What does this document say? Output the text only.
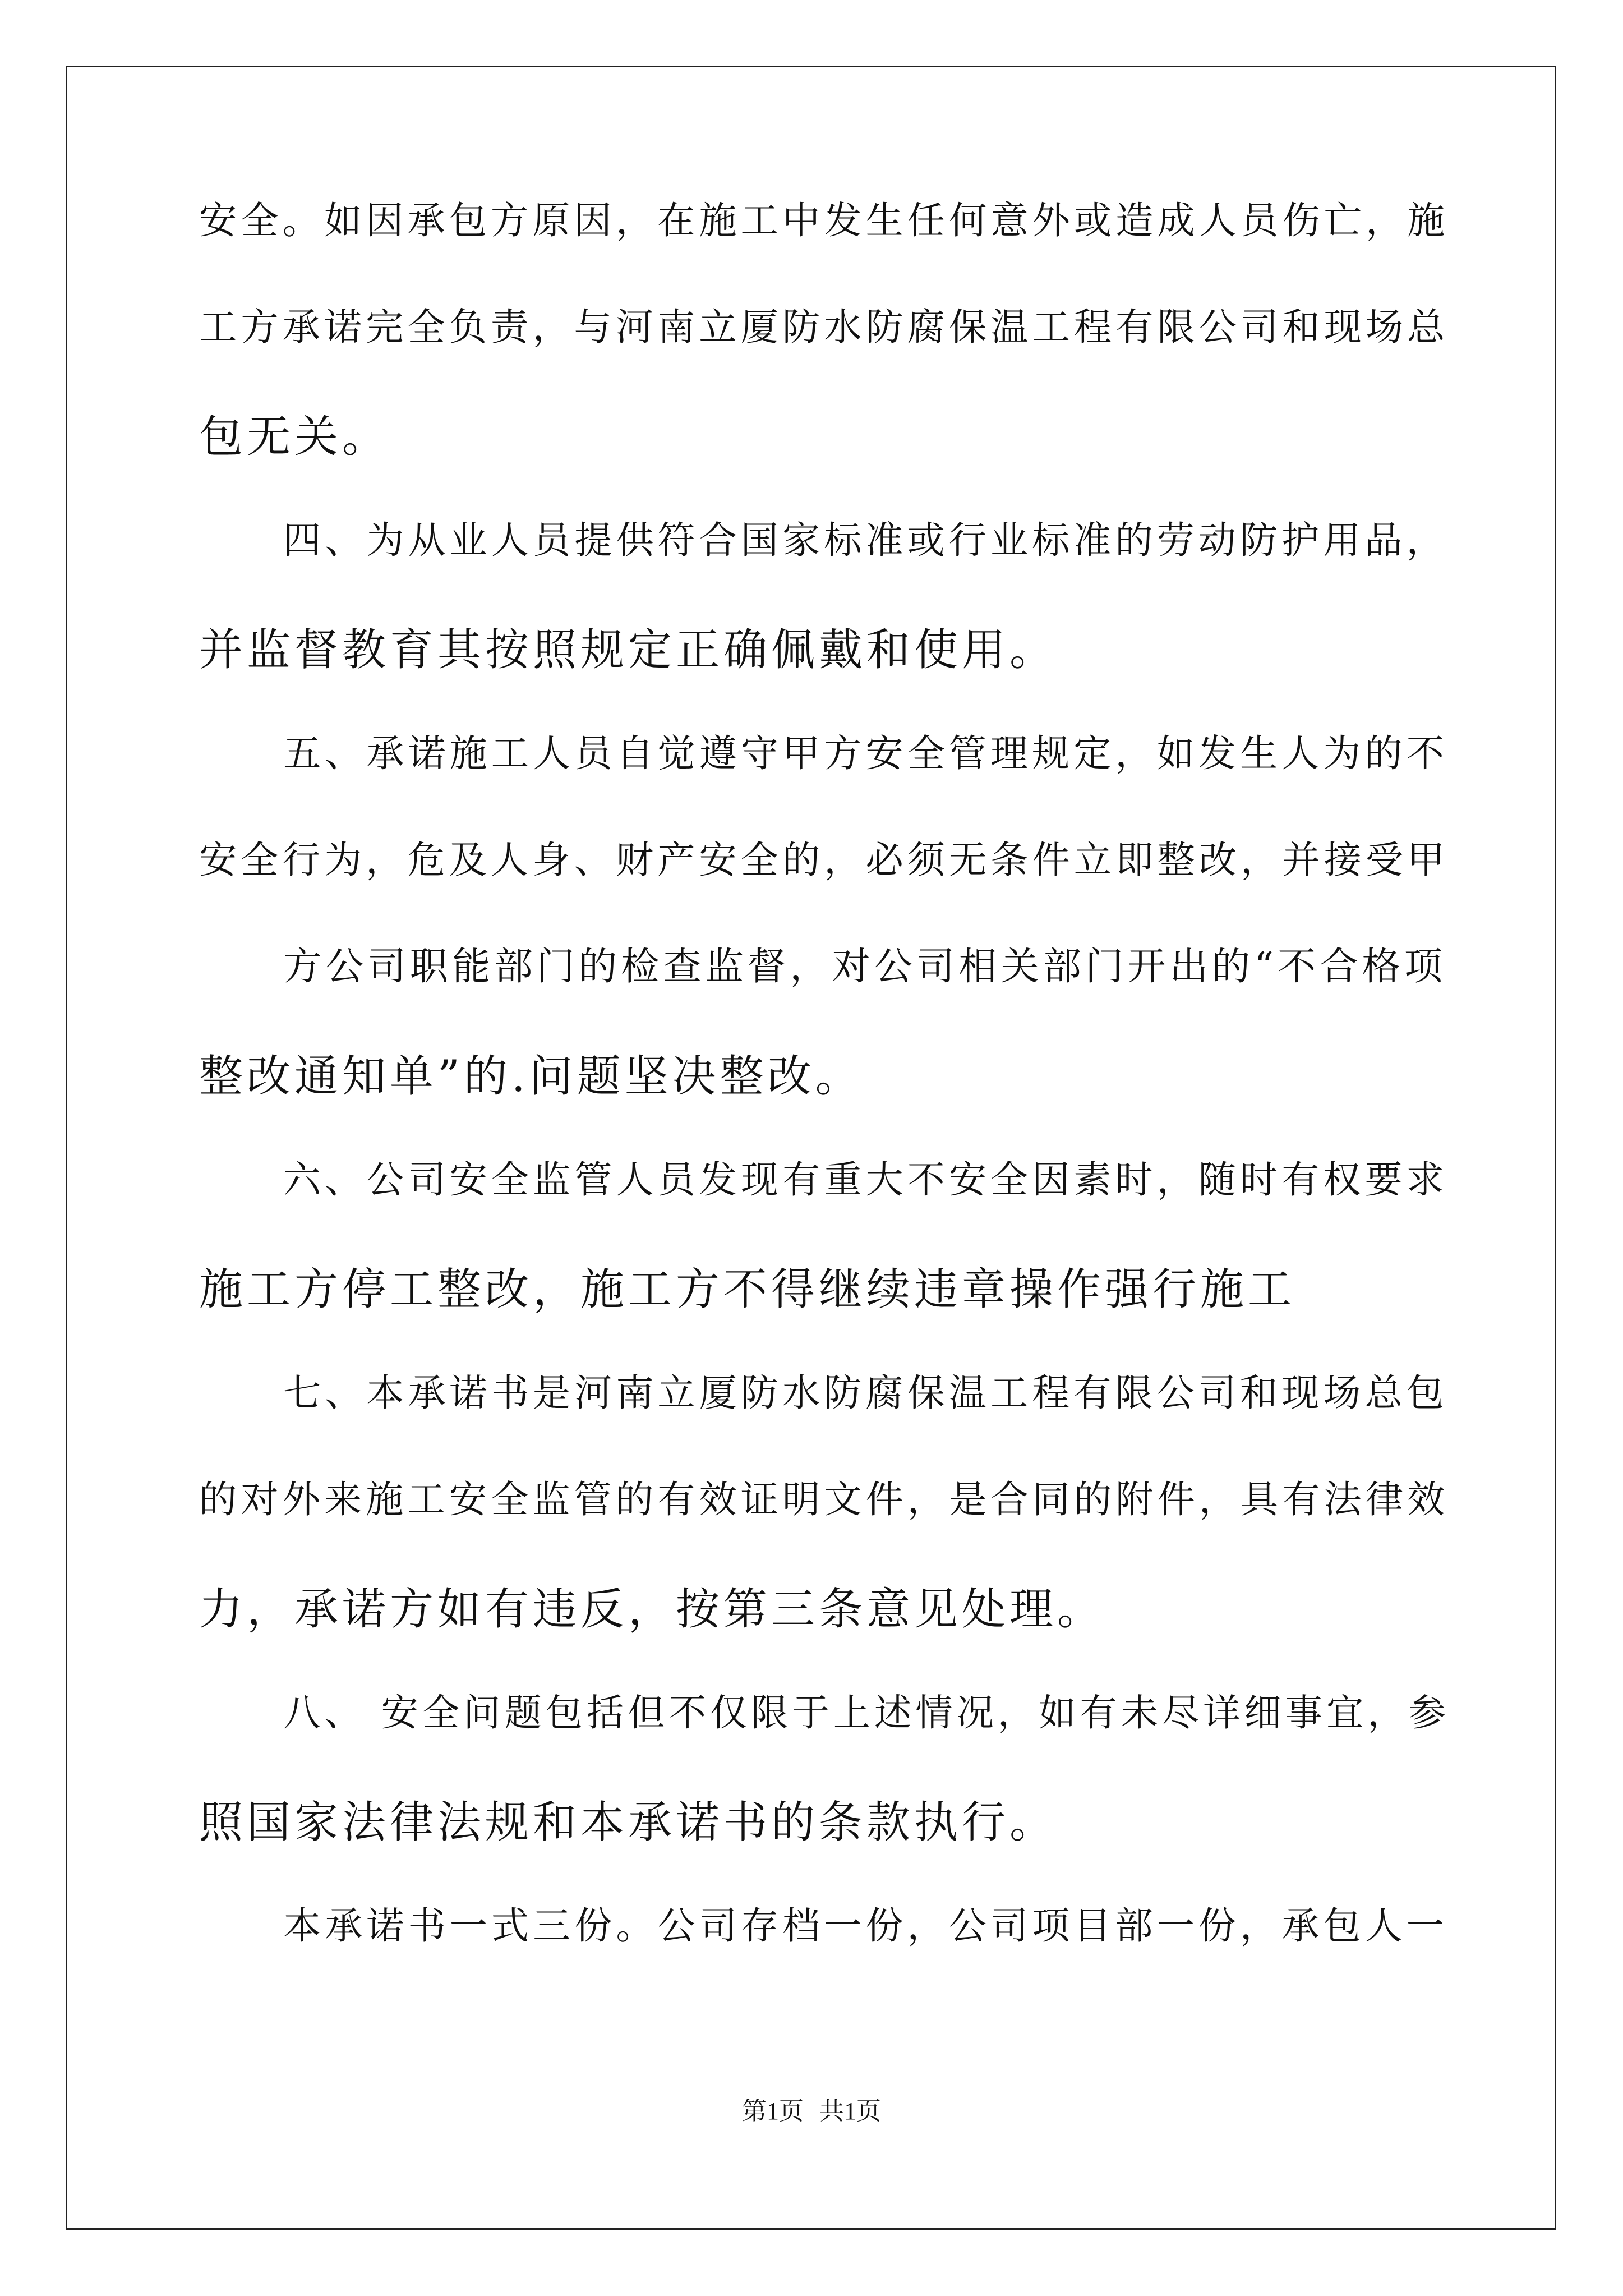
安全。如因承包方原因，在施工中发生任何意外或造成人员伤亡，施
工方承诺完全负责，与河南立厦防水防腐保温工程有限公司和现场总
包无关。
四、为从业人员提供符合国家标准或行业标准的劳动防护用品，
并监督教育其按照规定正确佩戴和使用。
五、承诺施工人员自觉遵守甲方安全管理规定，如发生人为的不
安全行为，危及人身、财产安全的，必须无条件立即整改，并接受甲
方公司职能部门的检查监督，对公司相关部门开出的“不合格项
整改通知单”的.问题坚决整改。
六、公司安全监管人员发现有重大不安全因素时，随时有权要求
施工方停工整改，施工方不得继续违章操作强行施工
七、本承诺书是河南立厦防水防腐保温工程有限公司和现场总包
的对外来施工安全监管的有效证明文件，是合同的附件，具有法律效
力，承诺方如有违反，按第三条意见处理。
八、 安全问题包括但不仅限于上述情况，如有未尽详细事宜，参
照国家法律法规和本承诺书的条款执行。
本承诺书一式三份。公司存档一份，公司项目部一份，承包人一
第1页 共1页
